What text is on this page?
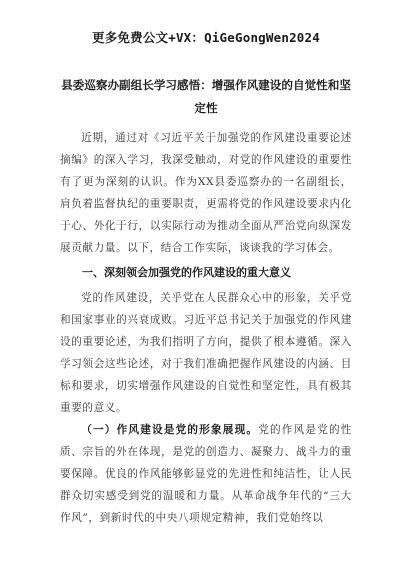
更多免费公文+VX：QiGeGongWen2024
县委巡察办副组长学习感悟：增强作风建设的自觉性和坚定性

近期，通过对《习近平关于加强党的作风建设重要论述摘编》的深入学习，我深受触动，对党的作风建设的重要性有了更为深刻的认识。作为XX县委巡察办的一名副组长，肩负着监督执纪的重要职责，更需将党的作风建设要求内化于心、外化于行，以实际行动为推动全面从严治党向纵深发展贡献力量。以下，结合工作实际，谈谈我的学习体会。

一、深刻领会加强党的作风建设的重大意义

党的作风建设，关乎党在人民群众心中的形象，关乎党和国家事业的兴衰成败。习近平总书记关于加强党的作风建设的重要论述，为我们指明了方向，提供了根本遵循。深入学习领会这些论述，对于我们准确把握作风建设的内涵、目标和要求，切实增强作风建设的自觉性和坚定性，具有极其重要的意义。

（一）作风建设是党的形象展现。党的作风是党的性质、宗旨的外在体现，是党的创造力、凝聚力、战斗力的重要保障。优良的作风能够彰显党的先进性和纯洁性，让人民群众切实感受到党的温暖和力量。从革命战争年代的“三大作风”，到新时代的中央八项规定精神，我们党始终以
